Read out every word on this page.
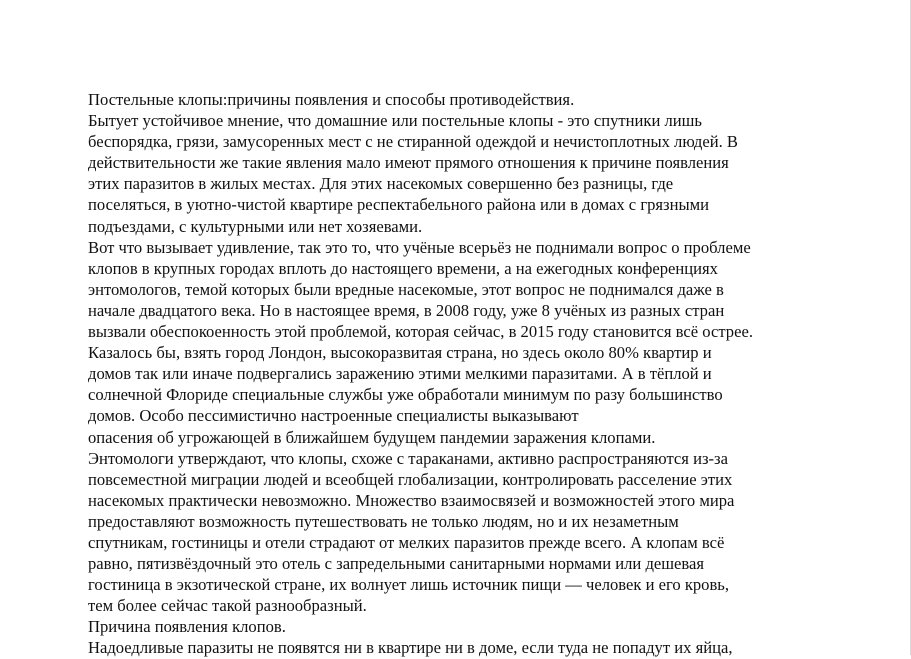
Постельные клопы:причины появления и способы противодействия.

Бытует устойчивое мнение, что домашние или постельные клопы - это спутники лишь

беспорядка, грязи, замусоренных мест с не стиранной одеждой и нечистоплотных людей. В

действительности же такие явления мало имеют прямого отношения к причине появления

этих паразитов в жилых местах. Для этих насекомых совершенно без разницы, где

поселяться, в уютно-чистой квартире респектабельного района или в домах с грязными

подъездами, с культурными или нет хозяевами.

Вот что вызывает удивление, так это то, что учёные всерьёз не поднимали вопрос о проблеме

клопов в крупных городах вплоть до настоящего времени, а на ежегодных конференциях

энтомологов, темой которых были вредные насекомые, этот вопрос не поднимался даже в

начале двадцатого века. Но в настоящее время, в 2008 году, уже 8 учёных из разных стран

вызвали обеспокоенность этой проблемой, которая сейчас, в 2015 году становится всё острее.

Казалось бы, взять город Лондон, высокоразвитая страна, но здесь около 80% квартир и

домов так или иначе подвергались заражению этими мелкими паразитами. А в тёплой и

солнечной Флориде специальные службы уже обработали минимум по разу большинство

домов. Особо пессимистично настроенные специалисты выказывают

опасения об угрожающей в ближайшем будущем пандемии заражения клопами.

Энтомологи утверждают, что клопы, схоже с тараканами, активно распространяются из-за

повсеместной миграции людей и всеобщей глобализации, контролировать расселение этих

насекомых практически невозможно. Множество взаимосвязей и возможностей этого мира

предоставляют возможность путешествовать не только людям, но и их незаметным

спутникам, гостиницы и отели страдают от мелких паразитов прежде всего. А клопам всё

равно, пятизвёздочный это отель с запредельными санитарными нормами или дешевая

гостиница в экзотической стране, их волнует лишь источник пищи — человек и его кровь,

тем более сейчас такой разнообразный.

Причина появления клопов.

Надоедливые паразиты не появятся ни в квартире ни в доме, если туда не попадут их яйца,
